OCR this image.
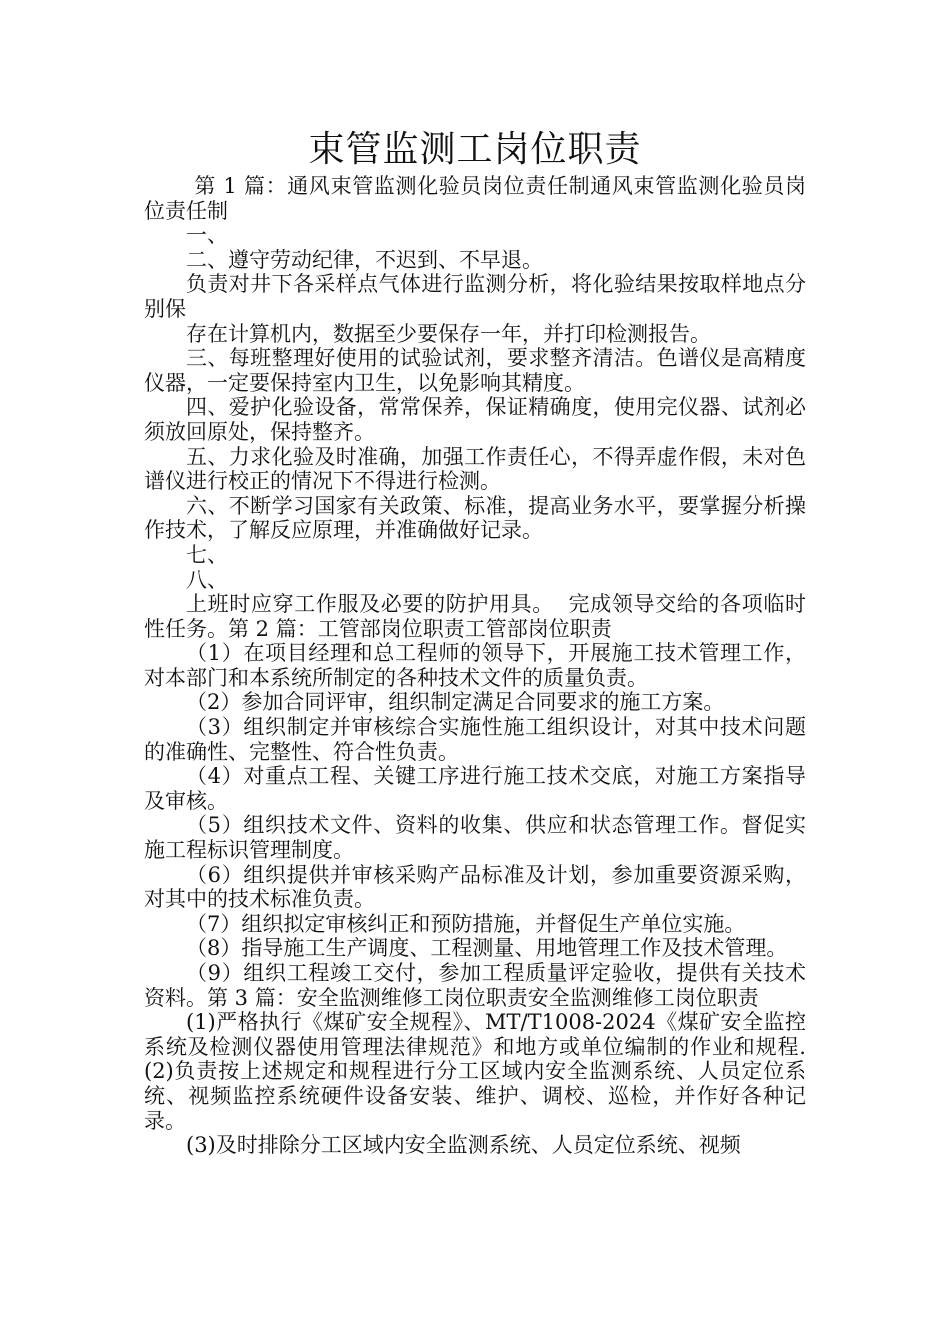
束管监测工岗位职责

第 1 篇：通风束管监测化验员岗位责任制通风束管监测化验员岗位责任制

一、

二、遵守劳动纪律，不迟到、不早退。

负责对井下各采样点气体进行监测分析，将化验结果按取样地点分别保

存在计算机内，数据至少要保存一年，并打印检测报告。

三、每班整理好使用的试验试剂，要求整齐清洁。色谱仪是高精度仪器，一定要保持室内卫生，以免影响其精度。

四、爱护化验设备，常常保养，保证精确度，使用完仪器、试剂必须放回原处，保持整齐。

五、力求化验及时准确，加强工作责任心，不得弄虚作假，未对色谱仪进行校正的情况下不得进行检测。

六、不断学习国家有关政策、标准，提高业务水平，要掌握分析操作技术，了解反应原理，并准确做好记录。

七、

八、

上班时应穿工作服及必要的防护用具。  完成领导交给的各项临时性任务。第 2 篇：工管部岗位职责工管部岗位职责

（1）在项目经理和总工程师的领导下，开展施工技术管理工作，对本部门和本系统所制定的各种技术文件的质量负责。

（2）参加合同评审，组织制定满足合同要求的施工方案。

（3）组织制定并审核综合实施性施工组织设计，对其中技术问题的准确性、完整性、符合性负责。

（4）对重点工程、关键工序进行施工技术交底，对施工方案指导及审核。

（5）组织技术文件、资料的收集、供应和状态管理工作。督促实施工程标识管理制度。

（6）组织提供并审核采购产品标准及计划，参加重要资源采购，对其中的技术标准负责。

（7）组织拟定审核纠正和预防措施，并督促生产单位实施。

（8）指导施工生产调度、工程测量、用地管理工作及技术管理。

（9）组织工程竣工交付，参加工程质量评定验收，提供有关技术资料。第 3 篇：安全监测维修工岗位职责安全监测维修工岗位职责

(1)严格执行《煤矿安全规程》、MT/T1008-2024《煤矿安全监控系统及检测仪器使用管理法律规范》和地方或单位编制的作业和规程.(2)负责按上述规定和规程进行分工区域内安全监测系统、人员定位系统、视频监控系统硬件设备安装、维护、调校、巡检，并作好各种记录。

(3)及时排除分工区域内安全监测系统、人员定位系统、视频
